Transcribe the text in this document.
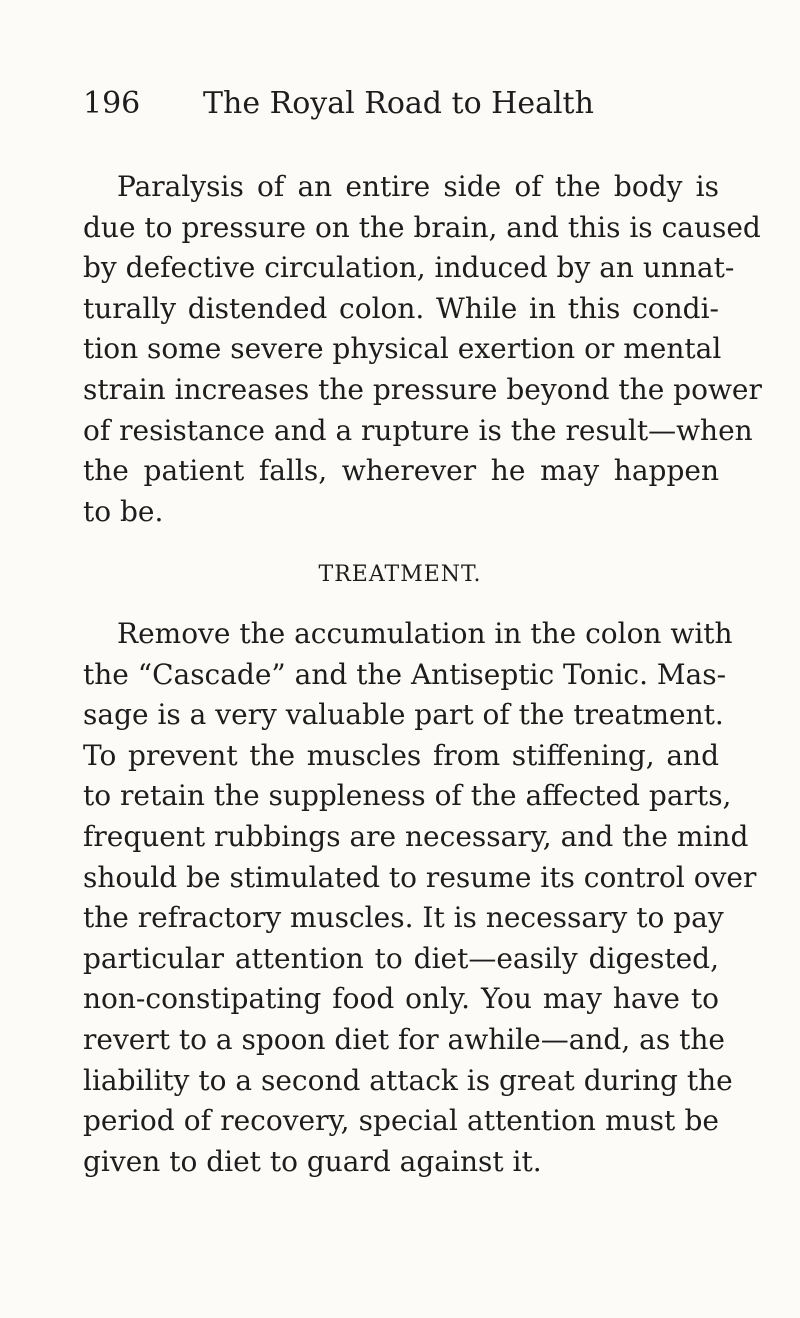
196 The Royal Road to Health
Paralysis of an entire side of the body is
due to pressure on the brain, and this is caused
by defective circulation, induced by an unnat-
turally distended colon. While in this condi-
tion some severe physical exertion or mental
strain increases the pressure beyond the power
of resistance and a rupture is the result—when
the patient falls, wherever he may happen
to be.
TREATMENT.
Remove the accumulation in the colon with
the “Cascade” and the Antiseptic Tonic. Mas-
sage is a very valuable part of the treatment.
To prevent the muscles from stiffening, and
to retain the suppleness of the affected parts,
frequent rubbings are necessary, and the mind
should be stimulated to resume its control over
the refractory muscles. It is necessary to pay
particular attention to diet—easily digested,
non-constipating food only. You may have to
revert to a spoon diet for awhile—and, as the
liability to a second attack is great during the
period of recovery, special attention must be
given to diet to guard against it.
